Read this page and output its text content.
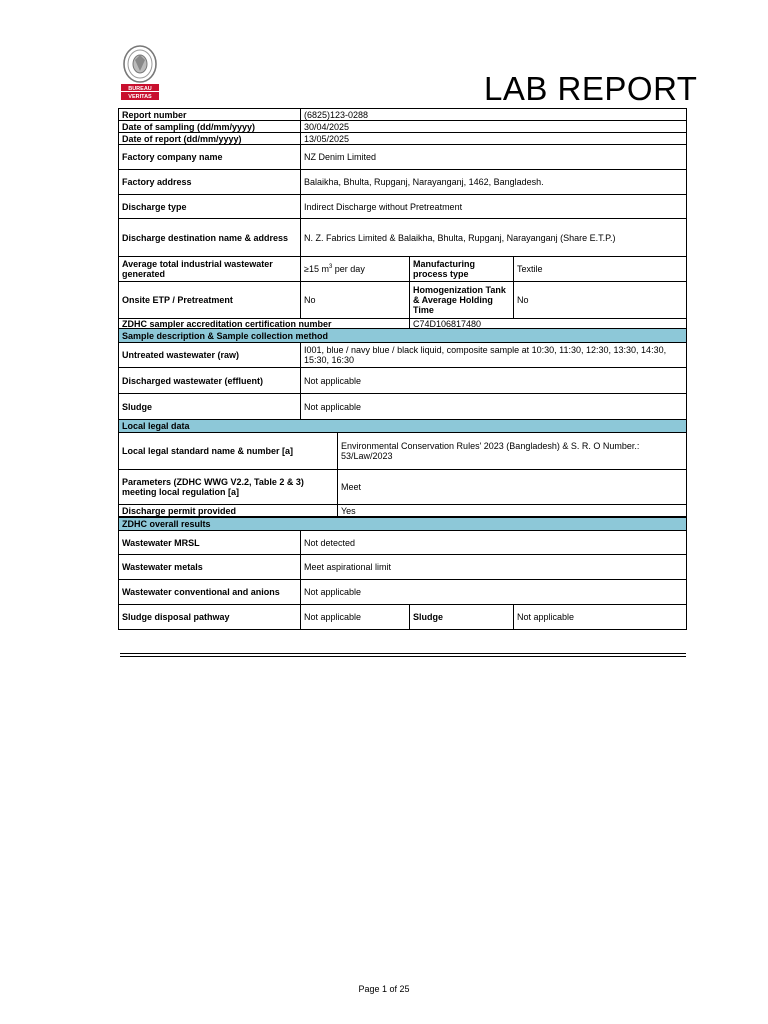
BUREAU
VERITAS	LAB REPORT
Report number	(6825)123-0288		
Date of sampling (dd/mm/yyyy)	30/04/2025		
Date of report (dd/mm/yyyy)	13/05/2025		
Factory company name	NZ Denim Limited		
Factory address	Balaikha, Bhulta, Rupganj, Narayanganj, 1462, Bangladesh.		
Discharge type	Indirect Discharge without Pretreatment		
Discharge destination name & address	N. Z. Fabrics Limited & Balaikha, Bhulta, Rupganj, Narayanganj (Share E.T.P.)		
Average total industrial wastewater generated	≥15 $m^3$ per day	Manufacturing process type	Textile
Onsite ETP / Pretreatment	No	Homogenization Tank & Average Holding Time	No
ZDHC sampler accreditation certification number		C74D106817480	
Sample description & Sample collection method	
Untreated wastewater (raw)	I001, blue / navy blue / black liquid, composite sample at 10:30, 11:30, 12:30, 13:30, 14:30, 15:30, 16:30
Discharged wastewater (effluent)	Not applicable
Sludge	Not applicable
Local legal data	
Local legal standard name & number [a]	Environmental Conservation Rules' 2023 (Bangladesh) & S. R. O Number.: 53/Law/2023
Parameters (ZDHC WWG V2.2, Table 2 & 3) meeting local regulation [a]	Meet
Discharge permit provided	Yes
ZDHC overall results			
Wastewater MRSL	Not detected		
Wastewater metals	Meet aspirational limit		
Wastewater conventional and anions	Not applicable		
Sludge disposal pathway	Not applicable	Sludge	Not applicable
Page 1 of 25
